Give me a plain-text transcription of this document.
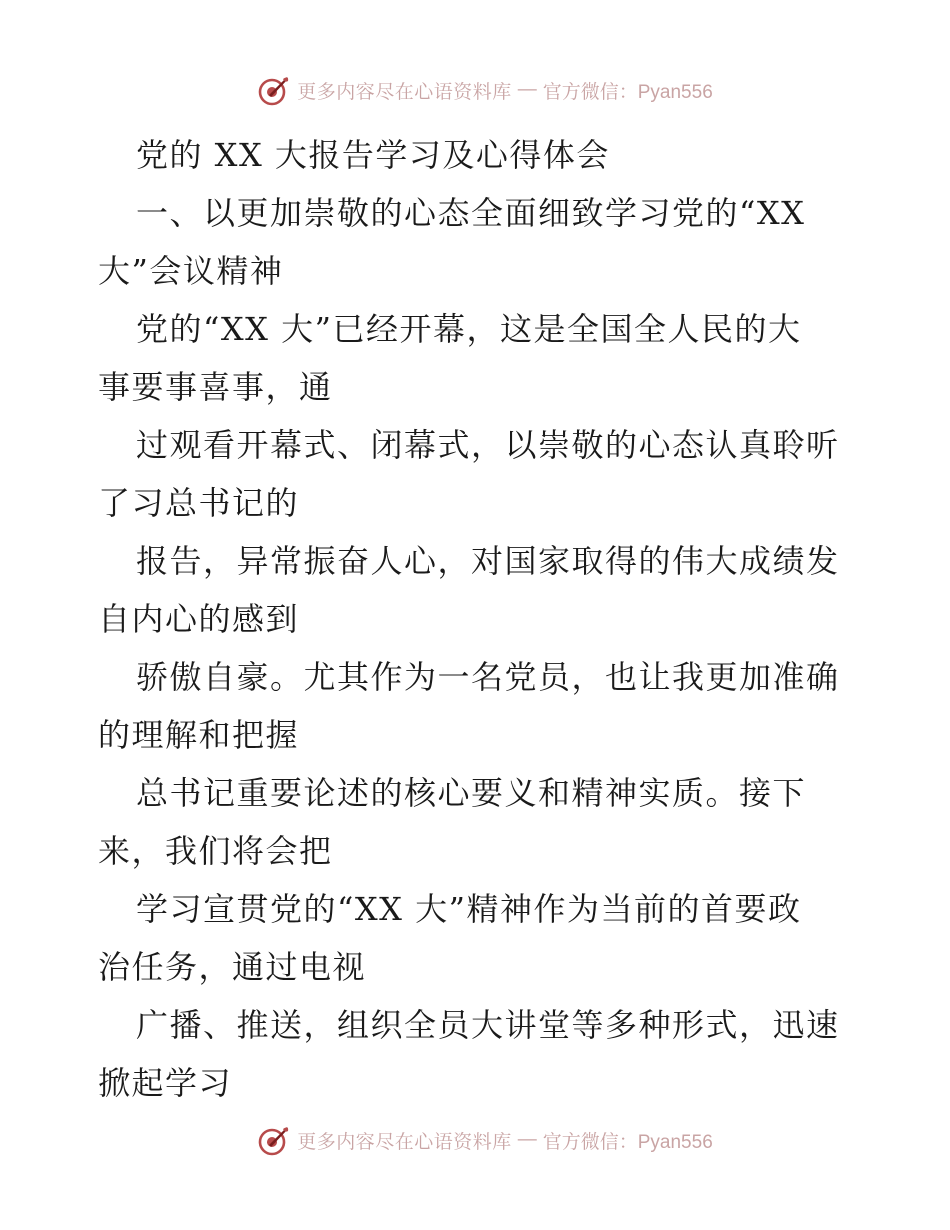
更多内容尽在心语资料库 — 官方微信：Pyan556
党的 XX 大报告学习及心得体会
一、以更加崇敬的心态全面细致学习党的“XX
大”会议精神
党的“XX 大”已经开幕，这是全国全人民的大
事要事喜事，通
过观看开幕式、闭幕式，以崇敬的心态认真聆听
了习总书记的
报告，异常振奋人心，对国家取得的伟大成绩发
自内心的感到
骄傲自豪。尤其作为一名党员，也让我更加准确
的理解和把握
总书记重要论述的核心要义和精神实质。接下
来，我们将会把
学习宣贯党的“XX 大”精神作为当前的首要政
治任务，通过电视
广播、推送，组织全员大讲堂等多种形式，迅速
掀起学习
更多内容尽在心语资料库 — 官方微信：Pyan556
